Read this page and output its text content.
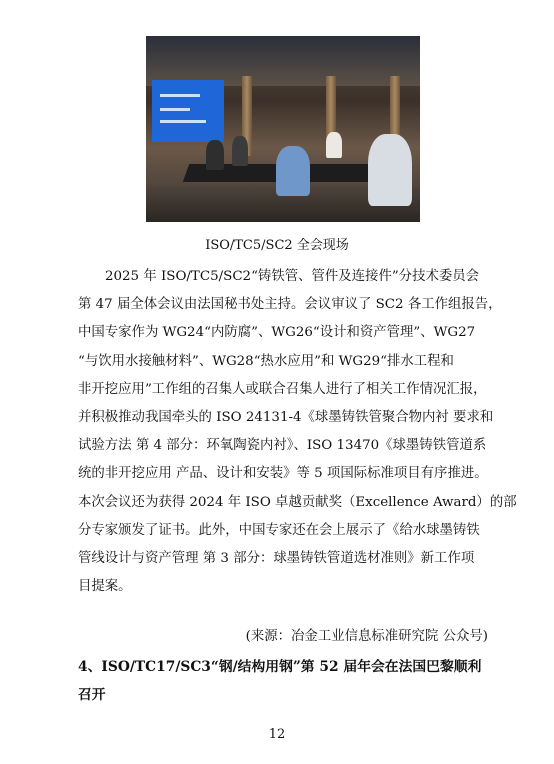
ISO/TC5/SC2 全会现场
2025 年 ISO/TC5/SC2“铸铁管、管件及连接件”分技术委员会
第 47 届全体会议由法国秘书处主持。会议审议了 SC2 各工作组报告，
中国专家作为 WG24“内防腐”、WG26“设计和资产管理”、WG27
“与饮用水接触材料”、WG28“热水应用”和 WG29“排水工程和
非开挖应用”工作组的召集人或联合召集人进行了相关工作情况汇报，
并积极推动我国牵头的 ISO 24131-4《球墨铸铁管聚合物内衬 要求和
试验方法 第 4 部分：环氧陶瓷内衬》、ISO 13470《球墨铸铁管道系
统的非开挖应用 产品、设计和安装》等 5 项国际标准项目有序推进。
本次会议还为获得 2024 年 ISO 卓越贡献奖（Excellence Award）的部
分专家颁发了证书。此外，中国专家还在会上展示了《给水球墨铸铁
管线设计与资产管理 第 3 部分：球墨铸铁管道选材准则》新工作项
目提案。
(来源：冶金工业信息标准研究院 公众号)
4、ISO/TC17/SC3“钢/结构用钢”第 52 届年会在法国巴黎顺利
召开
12
